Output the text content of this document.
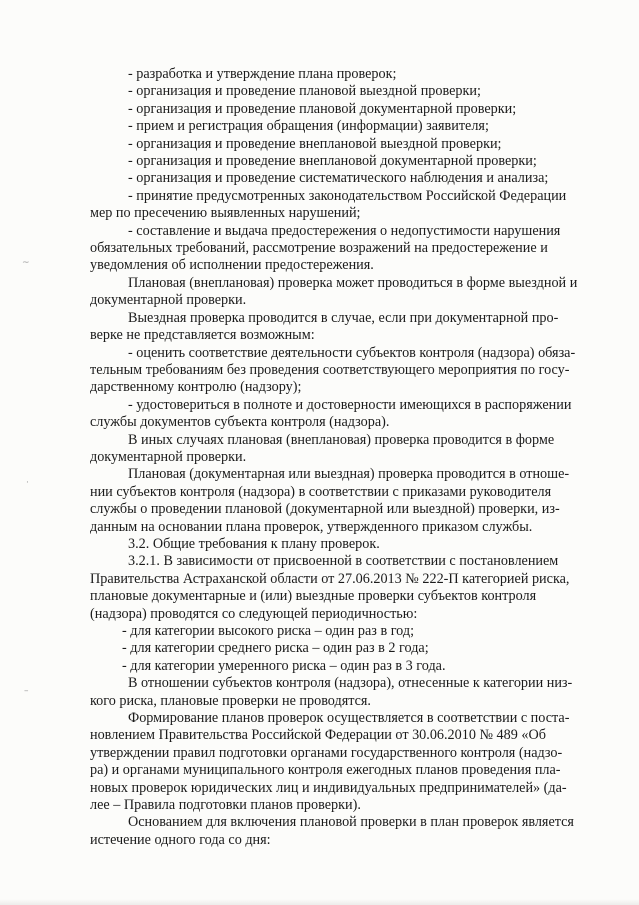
~
·
–

- разработка и утверждение плана проверок;

- организация и проведение плановой выездной проверки;

- организация и проведение плановой документарной проверки;

- прием и регистрация обращения (информации) заявителя;

- организация и проведение внеплановой выездной проверки;

- организация и проведение внеплановой документарной проверки;

- организация и проведение систематического наблюдения и анализа;

- принятие предусмотренных законодательством Российской Федерации

мер по пресечению выявленных нарушений;

- составление и выдача предостережения о недопустимости нарушения

обязательных требований, рассмотрение возражений на предостережение и

уведомления об исполнении предостережения.

Плановая (внеплановая) проверка может проводиться в форме выездной и

документарной проверки.

Выездная проверка проводится в случае, если при документарной про-

верке не представляется возможным:

- оценить соответствие деятельности субъектов контроля (надзора) обяза-

тельным требованиям без проведения соответствующего мероприятия по госу-

дарственному контролю (надзору);

- удостовериться в полноте и достоверности имеющихся в распоряжении

службы документов субъекта контроля (надзора).

В иных случаях плановая (внеплановая) проверка проводится в форме

документарной проверки.

Плановая (документарная или выездная) проверка проводится в отноше-

нии субъектов контроля (надзора) в соответствии с приказами руководителя

службы о проведении плановой (документарной или выездной) проверки, из-

данным на основании плана проверок, утвержденного приказом службы.

3.2. Общие требования к плану проверок.

3.2.1. В зависимости от присвоенной в соответствии с постановлением

Правительства Астраханской области от 27.06.2013 № 222-П категорией риска,

плановые документарные и (или) выездные проверки субъектов контроля

(надзора) проводятся со следующей периодичностью:

- для категории высокого риска – один раз в год;

- для категории среднего риска – один раз в 2 года;

- для категории умеренного риска – один раз в 3 года.

В отношении субъектов контроля (надзора), отнесенные к категории низ-

кого риска, плановые проверки не проводятся.

Формирование планов проверок осуществляется в соответствии с поста-

новлением Правительства Российской Федерации от 30.06.2010 № 489 «Об

утверждении правил подготовки органами государственного контроля (надзо-

ра) и органами муниципального контроля ежегодных планов проведения пла-

новых проверок юридических лиц и индивидуальных предпринимателей» (да-

лее – Правила подготовки планов проверки).

Основанием для включения плановой проверки в план проверок является

истечение одного года со дня:
